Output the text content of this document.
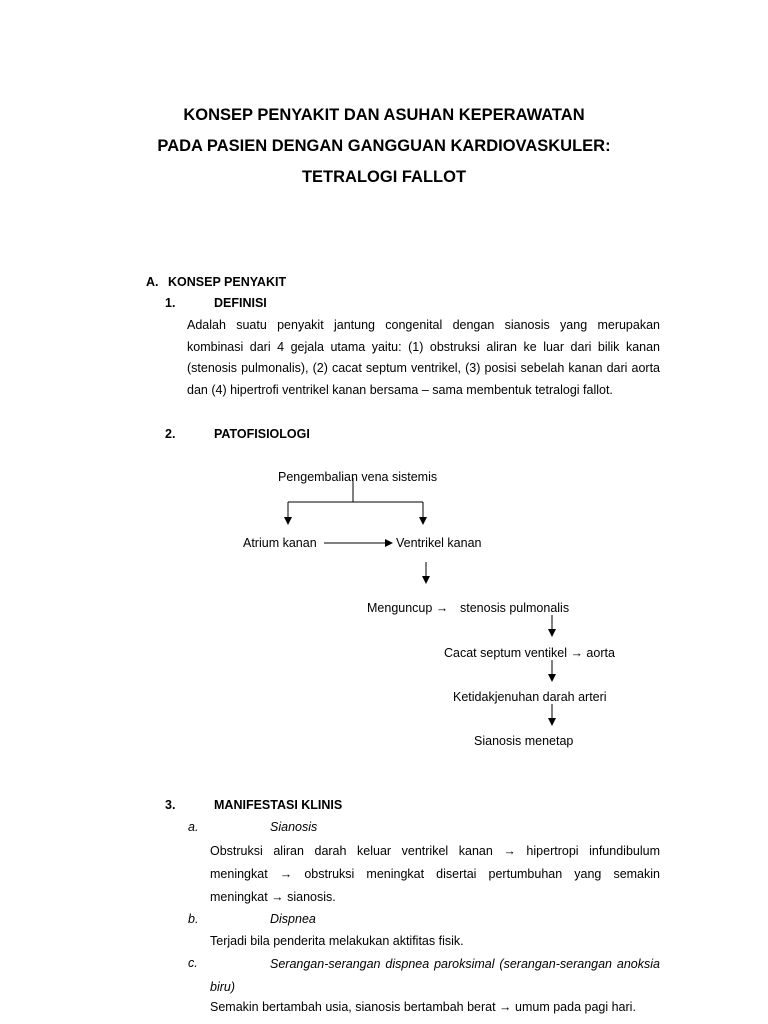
KONSEP PENYAKIT DAN ASUHAN KEPERAWATAN
PADA PASIEN DENGAN GANGGUAN KARDIOVASKULER:
TETRALOGI FALLOT
A. KONSEP PENYAKIT
1.	DEFINISI
Adalah suatu penyakit jantung congenital dengan sianosis yang merupakan kombinasi dari 4 gejala utama yaitu: (1) obstruksi aliran ke luar dari bilik kanan (stenosis pulmonalis), (2) cacat septum ventrikel, (3) posisi sebelah kanan dari aorta dan (4) hipertrofi ventrikel kanan bersama – sama membentuk tetralogi fallot.
2.	PATOFISIOLOGI
Pengembalian vena sistemis
Atrium kanan	Ventrikel kanan
Menguncup → stenosis pulmonalis
Cacat septum ventikel → aorta
Ketidakjenuhan darah arteri
Sianosis menetap
3.	MANIFESTASI KLINIS
a.	Sianosis
Obstruksi aliran darah keluar ventrikel kanan → hipertropi infundibulum meningkat → obstruksi meningkat disertai pertumbuhan yang semakin meningkat → sianosis.
b.	Dispnea
Terjadi bila penderita melakukan aktifitas fisik.
c.	Serangan-serangan dispnea paroksimal (serangan-serangan anoksia biru)
Semakin bertambah usia, sianosis bertambah berat → umum pada pagi hari.
